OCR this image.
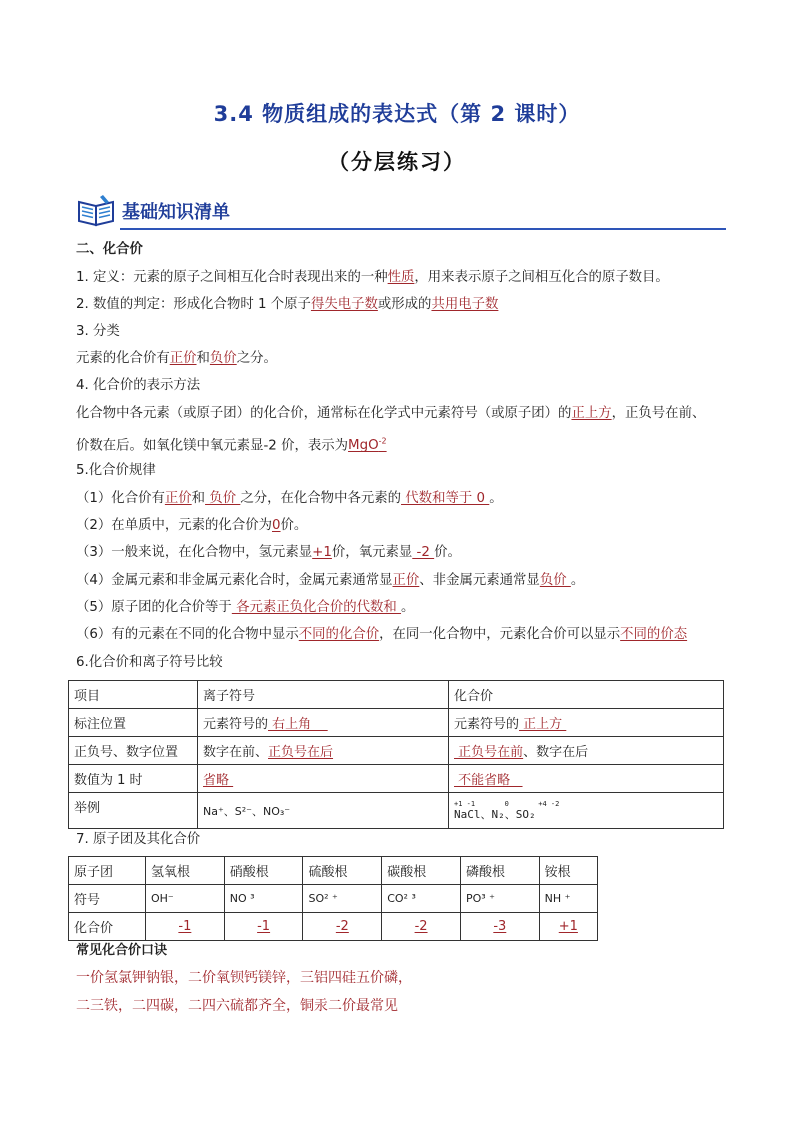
3.4 物质组成的表达式（第 2 课时）
（分层练习）
基础知识清单
二、化合价
1. 定义：元素的原子之间相互化合时表现出来的一种性质，用来表示原子之间相互化合的原子数目。
2. 数值的判定：形成化合物时 1 个原子得失电子数或形成的共用电子数
3. 分类
元素的化合价有正价和负价之分。
4. 化合价的表示方法
化合物中各元素（或原子团）的化合价，通常标在化学式中元素符号（或原子团）的正上方，正负号在前、
价数在后。如氧化镁中氧元素显-2 价，表示为MgO$^{-2}$
5.化合价规律
（1）化合价有正价和 负价 之分，在化合物中各元素的 代数和等于 0 。
（2）在单质中，元素的化合价为0价。
（3）一般来说，在化合物中，氢元素显+1价，氧元素显 -2 价。
（4）金属元素和非金属元素化合时，金属元素通常显正价、非金属元素通常显负价 。
（5）原子团的化合价等于 各元素正负化合价的代数和 。
（6）有的元素在不同的化合物中显示不同的化合价，在同一化合物中，元素化合价可以显示不同的价态
6.化合价和离子符号比较
项目	离子符号	化合价
标注位置	元素符号的 右上角	元素符号的 正上方
正负号、数字位置	数字在前、正负号在后	正负号在前、数字在后
数值为 1 时	省略	不能省略
举例	Na⁺、S²⁻、NO₃⁻	+1 -1       0       +4 -2
NaCl、N₂、SO₂
7. 原子团及其化合价
原子团	氢氧根	硝酸根	硫酸根	碳酸根	磷酸根	铵根
符号	OH⁻	NO ³	SO² ⁺	CO² ³	PO³ ⁺	NH ⁺
化合价	-1	-1	-2	-2	-3	+1
常见化合价口诀
一价氢氯钾钠银，二价氧钡钙镁锌，三铝四硅五价磷，
二三铁，二四碳，二四六硫都齐全，铜汞二价最常见
